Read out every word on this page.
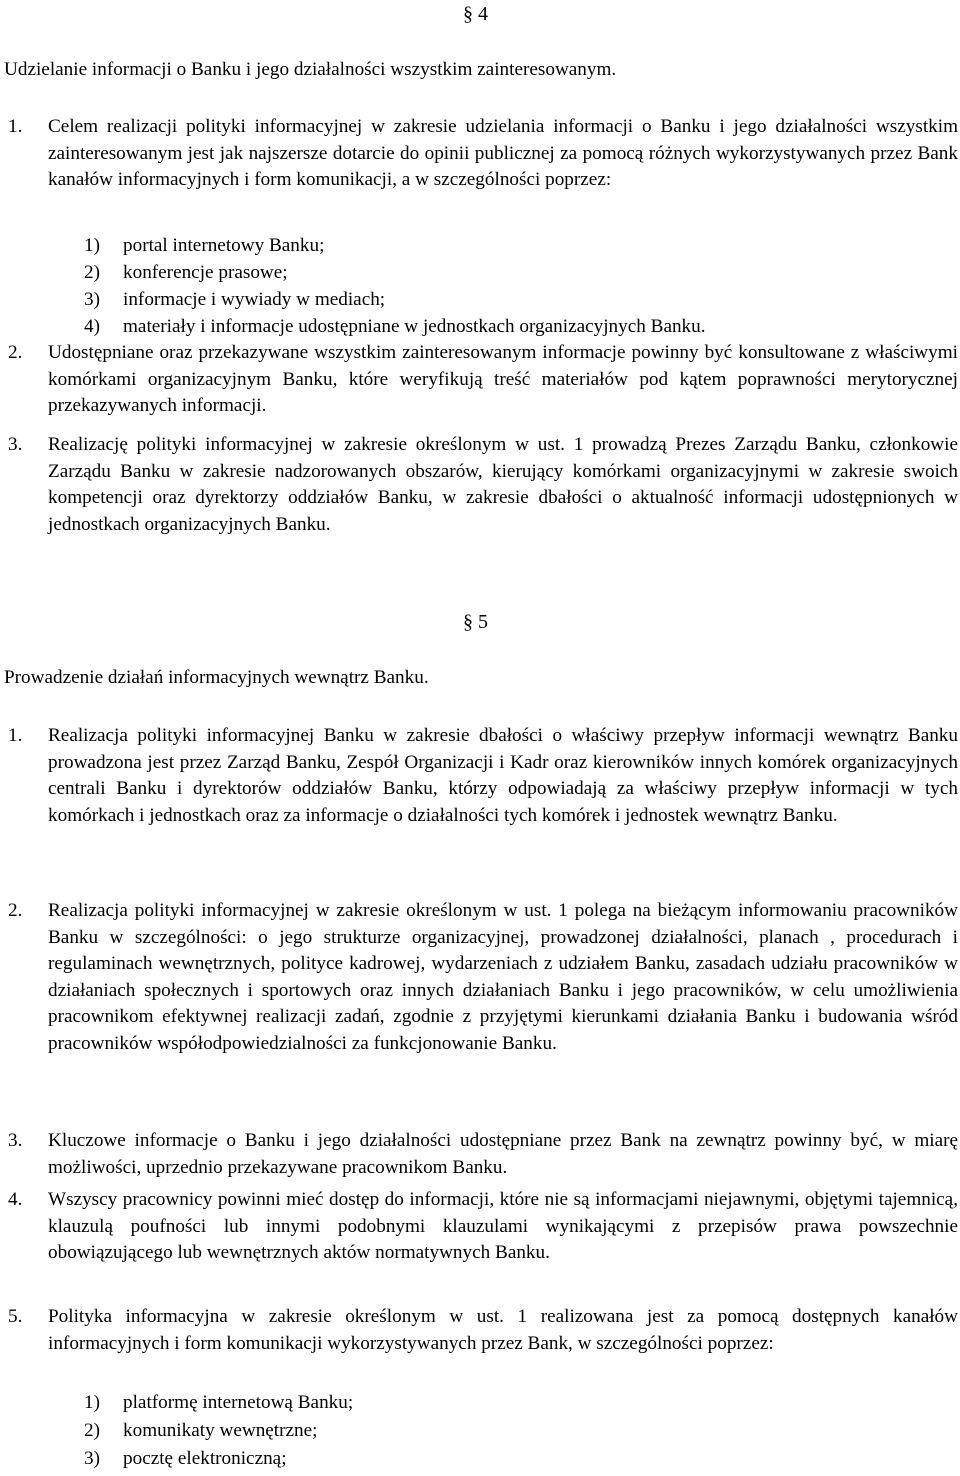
§ 4
Udzielanie informacji o Banku i jego działalności wszystkim zainteresowanym.
1. Celem realizacji polityki informacyjnej w zakresie udzielania informacji o Banku i jego działalności wszystkim zainteresowanym jest jak najszersze dotarcie do opinii publicznej za pomocą różnych wykorzystywanych przez Bank kanałów informacyjnych i form komunikacji, a w szczególności poprzez:
1) portal internetowy Banku;
2) konferencje prasowe;
3) informacje i wywiady w mediach;
4) materiały i informacje udostępniane w jednostkach organizacyjnych Banku.
2. Udostępniane oraz przekazywane wszystkim zainteresowanym informacje powinny być konsultowane z właściwymi komórkami organizacyjnym Banku, które weryfikują treść materiałów pod kątem poprawności merytorycznej przekazywanych informacji.
3. Realizację polityki informacyjnej w zakresie określonym w ust. 1 prowadzą Prezes Zarządu Banku, członkowie Zarządu Banku w zakresie nadzorowanych obszarów, kierujący komórkami organizacyjnymi w zakresie swoich kompetencji oraz dyrektorzy oddziałów Banku, w zakresie dbałości o aktualność informacji udostępnionych w jednostkach organizacyjnych Banku.
§ 5
Prowadzenie działań informacyjnych wewnątrz Banku.
1. Realizacja polityki informacyjnej Banku w zakresie dbałości o właściwy przepływ informacji wewnątrz Banku prowadzona jest przez Zarząd Banku, Zespół Organizacji i Kadr oraz kierowników innych komórek organizacyjnych centrali Banku i dyrektorów oddziałów Banku, którzy odpowiadają za właściwy przepływ informacji w tych komórkach i jednostkach oraz za informacje o działalności tych komórek i jednostek wewnątrz Banku.
2. Realizacja polityki informacyjnej w zakresie określonym w ust. 1 polega na bieżącym informowaniu pracowników Banku w szczególności: o jego strukturze organizacyjnej, prowadzonej działalności, planach , procedurach i regulaminach wewnętrznych, polityce kadrowej, wydarzeniach z udziałem Banku, zasadach udziału pracowników w działaniach społecznych i sportowych oraz innych działaniach Banku i jego pracowników, w celu umożliwienia pracownikom efektywnej realizacji zadań, zgodnie z przyjętymi kierunkami działania Banku i budowania wśród pracowników współodpowiedzialności za funkcjonowanie Banku.
3. Kluczowe informacje o Banku i jego działalności udostępniane przez Bank na zewnątrz powinny być, w miarę możliwości, uprzednio przekazywane pracownikom Banku.
4. Wszyscy pracownicy powinni mieć dostęp do informacji, które nie są informacjami niejawnymi, objętymi tajemnicą, klauzulą poufności lub innymi podobnymi klauzulami wynikającymi z przepisów prawa powszechnie obowiązującego lub wewnętrznych aktów normatywnych Banku.
5. Polityka informacyjna w zakresie określonym w ust. 1 realizowana jest za pomocą dostępnych kanałów informacyjnych i form komunikacji wykorzystywanych przez Bank, w szczególności poprzez:
1) platformę internetową Banku;
2) komunikaty wewnętrzne;
3) pocztę elektroniczną;
